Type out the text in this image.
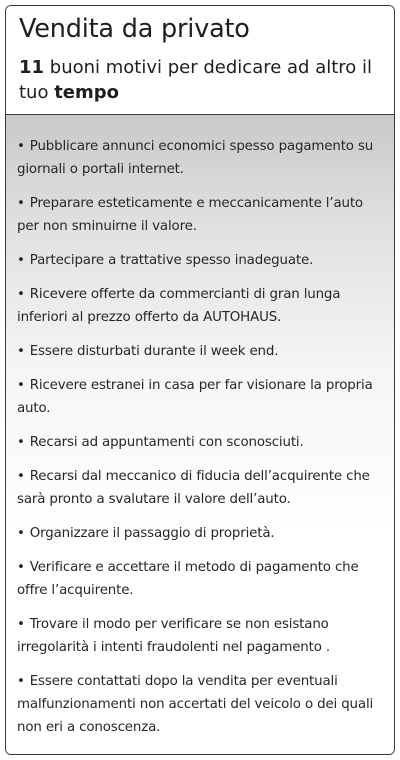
Vendita da privato
11 buoni motivi per dedicare ad altro il tuo tempo
• Pubblicare annunci economici spesso pagamento su giornali o portali internet.
• Preparare esteticamente e meccanicamente l’auto per non sminuirne il valore.
• Partecipare a trattative spesso inadeguate.
• Ricevere offerte da commercianti di gran lunga inferiori al prezzo offerto da AUTOHAUS.
• Essere disturbati durante il week end.
• Ricevere estranei in casa per far visionare la propria auto.
• Recarsi ad appuntamenti con sconosciuti.
• Recarsi dal meccanico di fiducia dell’acquirente che sarà pronto a svalutare il valore dell’auto.
• Organizzare il passaggio di proprietà.
• Verificare e accettare il metodo di pagamento che offre l’acquirente.
• Trovare il modo per verificare se non esistano irregolarità i intenti fraudolenti nel pagamento .
• Essere contattati dopo la vendita per eventuali malfunzionamenti non accertati del veicolo o dei quali non eri a conoscenza.
